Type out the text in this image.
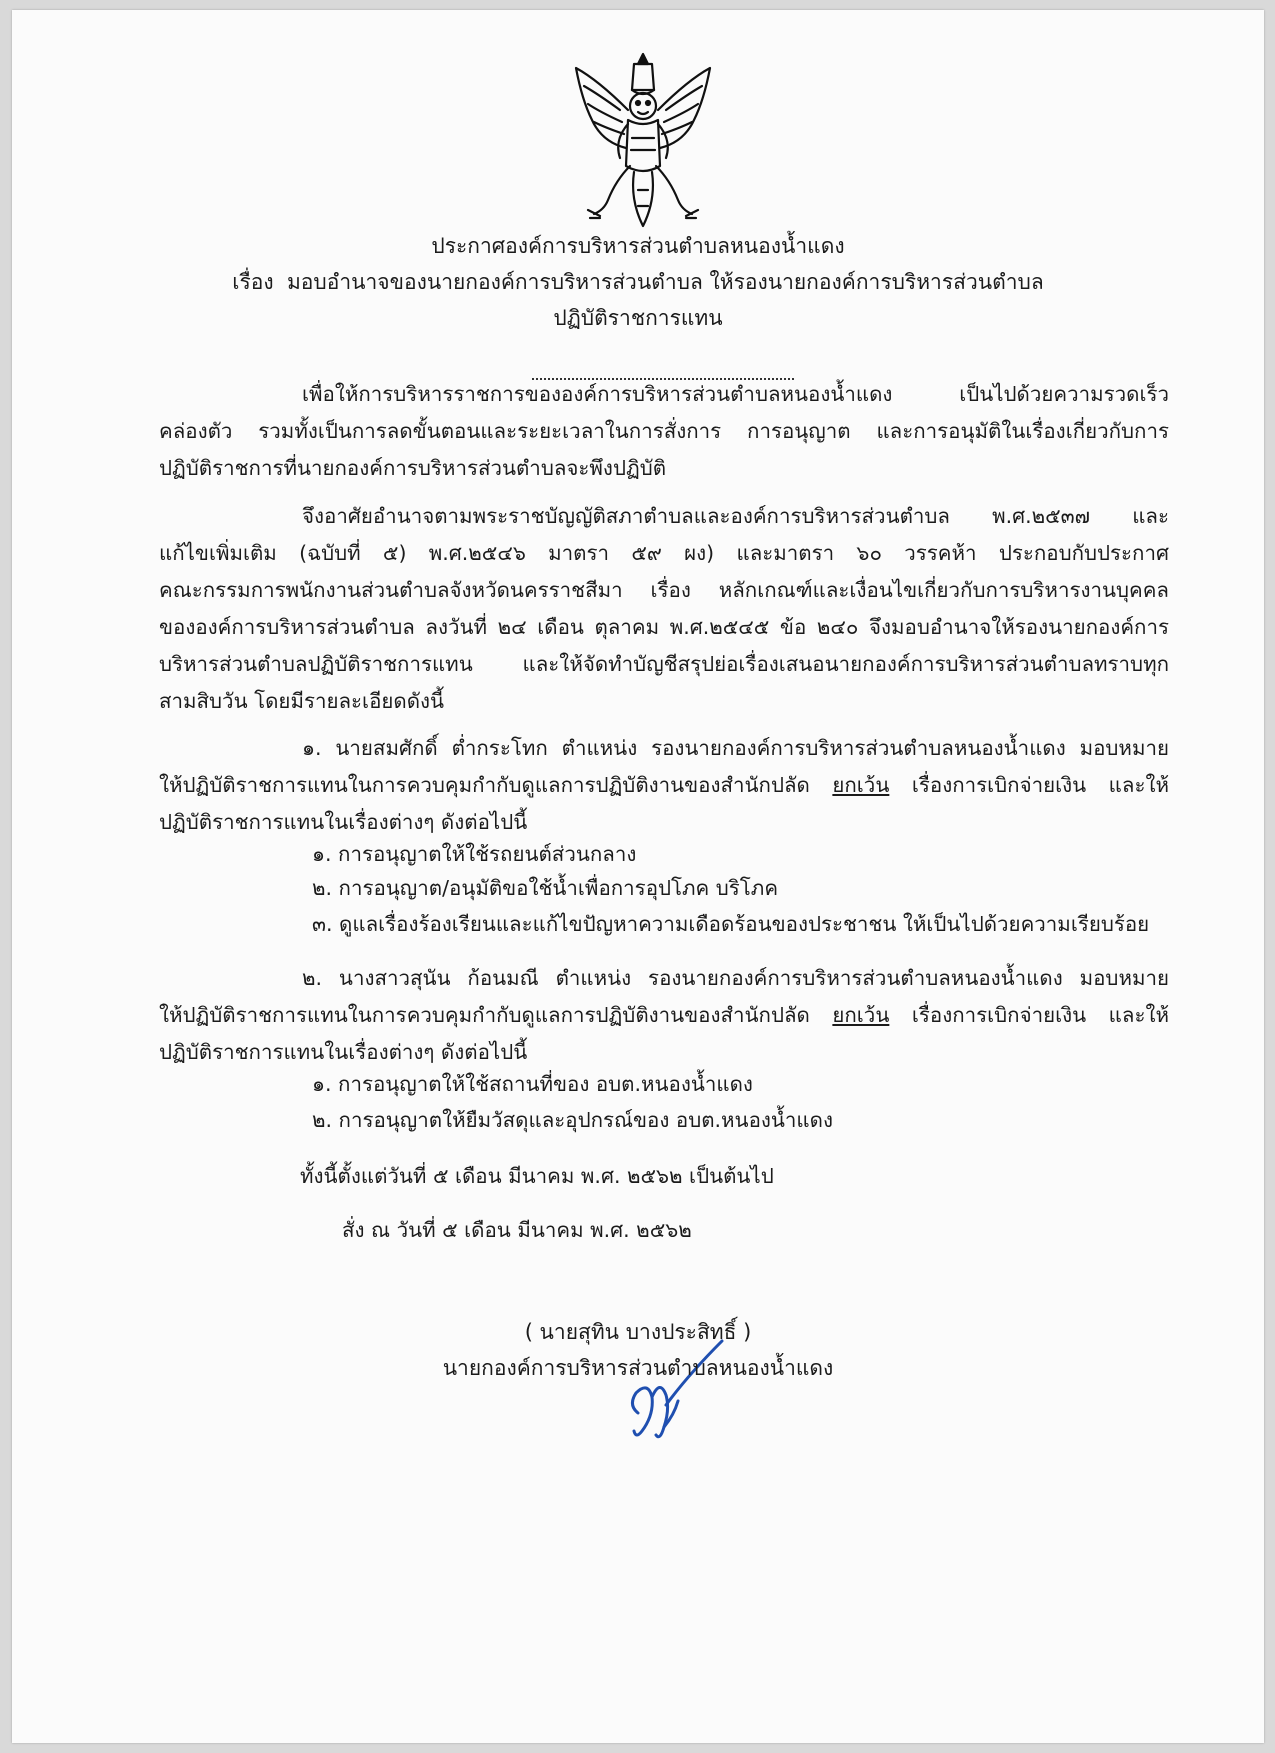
ประกาศองค์การบริหารส่วนตำบลหนองน้ำแดง
เรื่อง มอบอำนาจของนายกองค์การบริหารส่วนตำบล ให้รองนายกองค์การบริหารส่วนตำบล
ปฏิบัติราชการแทน
เพื่อให้การบริหารราชการขององค์การบริหารส่วนตำบลหนองน้ำแดง เป็นไปด้วยความรวดเร็ว
คล่องตัว รวมทั้งเป็นการลดขั้นตอนและระยะเวลาในการสั่งการ การอนุญาต และการอนุมัติในเรื่องเกี่ยวกับการ
ปฏิบัติราชการที่นายกองค์การบริหารส่วนตำบลจะพึงปฏิบัติ
จึงอาศัยอำนาจตามพระราชบัญญัติสภาตำบลและองค์การบริหารส่วนตำบล พ.ศ.๒๕๓๗ และ
แก้ไขเพิ่มเติม (ฉบับที่ ๕) พ.ศ.๒๕๔๖ มาตรา ๕๙ ผง) และมาตรา ๖๐ วรรคห้า ประกอบกับประกาศ
คณะกรรมการพนักงานส่วนตำบลจังหวัดนครราชสีมา เรื่อง หลักเกณฑ์และเงื่อนไขเกี่ยวกับการบริหารงานบุคคล
ขององค์การบริหารส่วนตำบล ลงวันที่ ๒๔ เดือน ตุลาคม พ.ศ.๒๕๔๕ ข้อ ๒๔๐ จึงมอบอำนาจให้รองนายกองค์การ
บริหารส่วนตำบลปฏิบัติราชการแทน และให้จัดทำบัญชีสรุปย่อเรื่องเสนอนายกองค์การบริหารส่วนตำบลทราบทุก
สามสิบวัน โดยมีรายละเอียดดังนี้
๑. นายสมศักดิ์ ต่ำกระโทก ตำแหน่ง รองนายกองค์การบริหารส่วนตำบลหนองน้ำแดง มอบหมาย
ให้ปฏิบัติราชการแทนในการควบคุมกำกับดูแลการปฏิบัติงานของสำนักปลัด ยกเว้น เรื่องการเบิกจ่ายเงิน และให้
ปฏิบัติราชการแทนในเรื่องต่างๆ ดังต่อไปนี้
๑. การอนุญาตให้ใช้รถยนต์ส่วนกลาง
๒. การอนุญาต/อนุมัติขอใช้น้ำเพื่อการอุปโภค บริโภค
๓. ดูแลเรื่องร้องเรียนและแก้ไขปัญหาความเดือดร้อนของประชาชน ให้เป็นไปด้วยความเรียบร้อย
๒. นางสาวสุนัน ก้อนมณี ตำแหน่ง รองนายกองค์การบริหารส่วนตำบลหนองน้ำแดง มอบหมาย
ให้ปฏิบัติราชการแทนในการควบคุมกำกับดูแลการปฏิบัติงานของสำนักปลัด ยกเว้น เรื่องการเบิกจ่ายเงิน และให้
ปฏิบัติราชการแทนในเรื่องต่างๆ ดังต่อไปนี้
๑. การอนุญาตให้ใช้สถานที่ของ อบต.หนองน้ำแดง
๒. การอนุญาตให้ยืมวัสดุและอุปกรณ์ของ อบต.หนองน้ำแดง
ทั้งนี้ตั้งแต่วันที่ ๕ เดือน มีนาคม พ.ศ. ๒๕๖๒ เป็นต้นไป
สั่ง ณ วันที่ ๕ เดือน มีนาคม พ.ศ. ๒๕๖๒
( นายสุทิน บางประสิทธิ์ )
นายกองค์การบริหารส่วนตำบลหนองน้ำแดง
